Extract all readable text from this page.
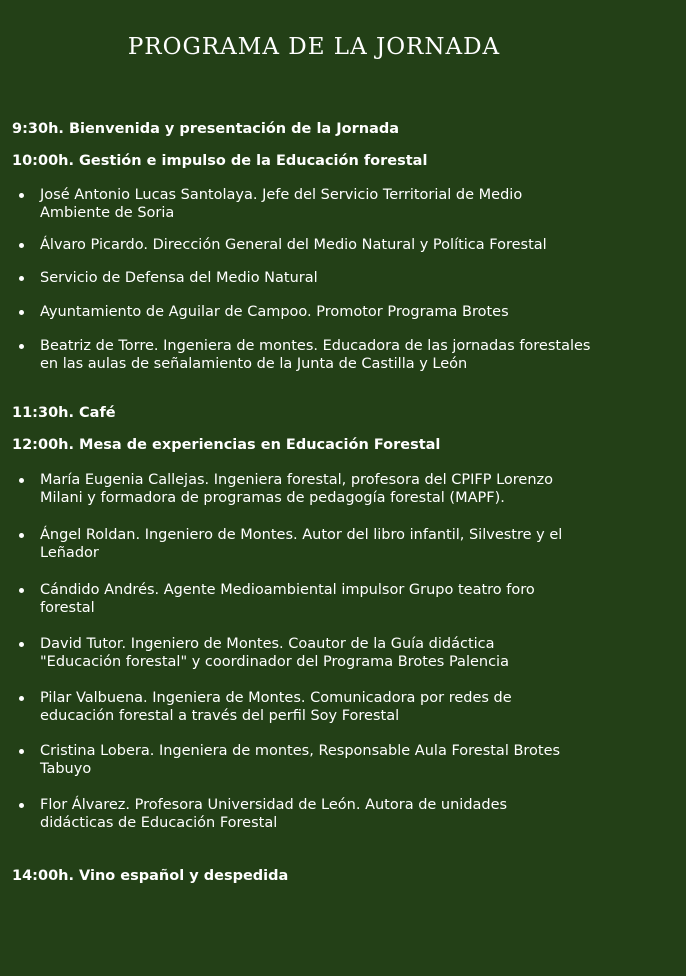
PROGRAMA DE LA JORNADA

9:30h. Bienvenida y presentación de la Jornada

10:00h. Gestión e impulso de la Educación forestal

José Antonio Lucas Santolaya. Jefe del Servicio Territorial de Medio
Ambiente de Soria
Álvaro Picardo. Dirección General del Medio Natural y Política Forestal
Servicio de Defensa del Medio Natural
Ayuntamiento de Aguilar de Campoo. Promotor Programa Brotes
Beatriz de Torre. Ingeniera de montes. Educadora de las jornadas forestales
en las aulas de señalamiento de la Junta de Castilla y León

11:30h. Café

12:00h. Mesa de experiencias en Educación Forestal

María Eugenia Callejas. Ingeniera forestal, profesora del CPIFP Lorenzo
Milani y formadora de programas de pedagogía forestal (MAPF).
Ángel Roldan. Ingeniero de Montes. Autor del libro infantil, Silvestre y el
Leñador
Cándido Andrés. Agente Medioambiental impulsor Grupo teatro foro
forestal
David Tutor. Ingeniero de Montes. Coautor de la Guía didáctica
"Educación forestal" y coordinador del Programa Brotes Palencia
Pilar Valbuena. Ingeniera de Montes. Comunicadora por redes de
educación forestal a través del perfil Soy Forestal
Cristina Lobera. Ingeniera de montes, Responsable Aula Forestal Brotes
Tabuyo
Flor Álvarez. Profesora Universidad de León. Autora de unidades
didácticas de Educación Forestal

14:00h. Vino español y despedida
